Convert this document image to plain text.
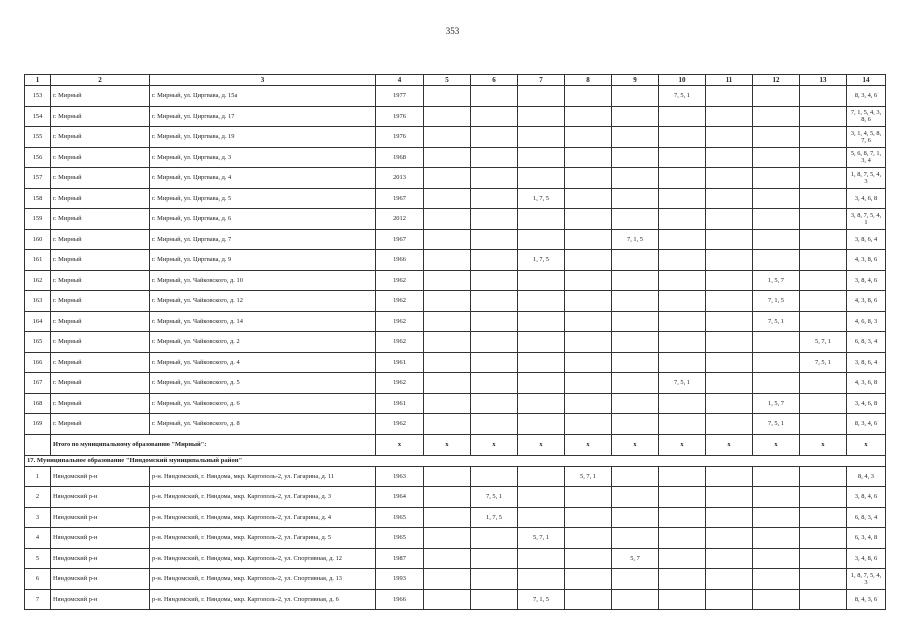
353
1	2	3	4	5	6	7	8	9	10	11	12	13	14
153	г. Мирный	г. Мирный, ул. Циргвава, д. 15а	1977						7, 5, 1				8, 3, 4, 6
154	г. Мирный	г. Мирный, ул. Циргвава, д. 17	1976										7, 1, 5, 4, 3, 8, 6
155	г. Мирный	г. Мирный, ул. Циргвава, д. 19	1976										3, 1, 4, 5, 8, 7, 6
156	г. Мирный	г. Мирный, ул. Циргвава, д. 3	1968										5, 6, 8, 7, 1, 3, 4
157	г. Мирный	г. Мирный, ул. Циргвава, д. 4	2013										1, 8, 7, 5, 4, 3
158	г. Мирный	г. Мирный, ул. Циргвава, д. 5	1967			1, 7, 5							3, 4, 6, 8
159	г. Мирный	г. Мирный, ул. Циргвава, д. 6	2012										3, 8, 7, 5, 4, 1
160	г. Мирный	г. Мирный, ул. Циргвава, д. 7	1967					7, 1, 5					3, 8, 6, 4
161	г. Мирный	г. Мирный, ул. Циргвава, д. 9	1966			1, 7, 5							4, 3, 8, 6
162	г. Мирный	г. Мирный, ул. Чайковского, д. 10	1962								1, 5, 7		3, 8, 4, 6
163	г. Мирный	г. Мирный, ул. Чайковского, д. 12	1962								7, 1, 5		4, 3, 8, 6
164	г. Мирный	г. Мирный, ул. Чайковского, д. 14	1962								7, 5, 1		4, 6, 8, 3
165	г. Мирный	г. Мирный, ул. Чайковского, д. 2	1962									5, 7, 1	6, 8, 3, 4
166	г. Мирный	г. Мирный, ул. Чайковского, д. 4	1961									7, 5, 1	3, 8, 6, 4
167	г. Мирный	г. Мирный, ул. Чайковского, д. 5	1962						7, 5, 1				4, 3, 6, 8
168	г. Мирный	г. Мирный, ул. Чайковского, д. 6	1961								1, 5, 7		3, 4, 6, 8
169	г. Мирный	г. Мирный, ул. Чайковского, д. 8	1962								7, 5, 1		8, 3, 4, 6
	Итого по муниципальному образованию "Мирный":		x	x	x	x	x	x	x	x	x	x	x
17. Муниципальное образование "Няндомский муниципальный район"													
1	Няндомский р-н	р-н. Няндомский, г. Няндома, мкр. Каргополь-2, ул. Гагарина, д. 11	1963				5, 7, 1						8, 4, 3
2	Няндомский р-н	р-н. Няндомский, г. Няндома, мкр. Каргополь-2, ул. Гагарина, д. 3	1964		7, 5, 1								3, 8, 4, 6
3	Няндомский р-н	р-н. Няндомский, г. Няндома, мкр. Каргополь-2, ул. Гагарина, д. 4	1965		1, 7, 5								6, 8, 3, 4
4	Няндомский р-н	р-н. Няндомский, г. Няндома, мкр. Каргополь-2, ул. Гагарина, д. 5	1965			5, 7, 1							6, 3, 4, 8
5	Няндомский р-н	р-н. Няндомский, г. Няндома, мкр. Каргополь-2, ул. Спортивная, д. 12	1987					5, 7					3, 4, 8, 6
6	Няндомский р-н	р-н. Няндомский, г. Няндома, мкр. Каргополь-2, ул. Спортивная, д. 13	1993										1, 8, 7, 5, 4, 3
7	Няндомский р-н	р-н. Няндомский, г. Няндома, мкр. Каргополь-2, ул. Спортивная, д. 6	1966			7, 1, 5							8, 4, 3, 6
